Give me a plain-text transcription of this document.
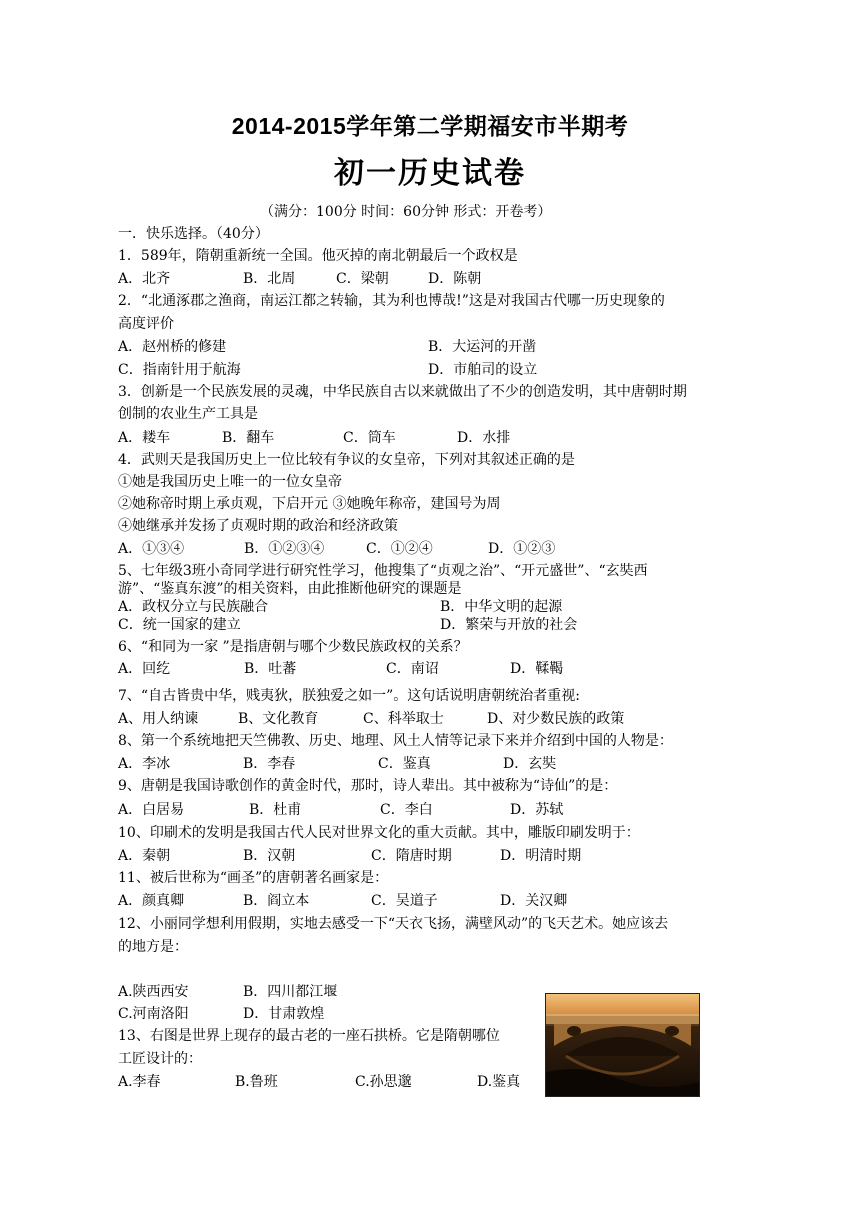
2014-2015学年第二学期福安市半期考
初一历史试卷
（满分：100分 时间：60分钟 形式：开卷考）
一．快乐选择。（40分）
1．589年，隋朝重新统一全国。他灭掉的南北朝最后一个政权是
A．北齐	B．北周	C．梁朝	D．陈朝
2．“北通涿郡之渔商，南运江都之转输，其为利也博哉!”这是对我国古代哪一历史现象的
高度评价
A．赵州桥的修建	B．大运河的开凿
C．指南针用于航海	D．市舶司的设立
3．创新是一个民族发展的灵魂，中华民族自古以来就做出了不少的创造发明，其中唐朝时期
创制的农业生产工具是
A．耧车	B．翻车	C．筒车	D．水排
4．武则天是我国历史上一位比较有争议的女皇帝，下列对其叙述正确的是
①她是我国历史上唯一的一位女皇帝
②她称帝时期上承贞观，下启开元 ③她晚年称帝，建国号为周
④她继承并发扬了贞观时期的政治和经济政策
A．①③④	B．①②③④	C．①②④	D．①②③
5、七年级3班小奇同学进行研究性学习，他搜集了“贞观之治”、“开元盛世”、“玄奘西
游”、“鉴真东渡”的相关资料，由此推断他研究的课题是
A．政权分立与民族融合	B．中华文明的起源
C．统一国家的建立	D．繁荣与开放的社会
6、“和同为一家 ”是指唐朝与哪个少数民族政权的关系？
A．回纥	B．吐蕃	C．南诏	D．鞣鞨
7、“自古皆贵中华，贱夷狄，朕独爱之如一”。这句话说明唐朝统治者重视:
A、用人纳谏	B、文化教育	C、科举取士	D、对少数民族的政策
8、第一个系统地把天竺佛教、历史、地理、风土人情等记录下来并介绍到中国的人物是：
A．李冰	B．李春	C．鉴真	D．玄奘
9、唐朝是我国诗歌创作的黄金时代，那时，诗人辈出。其中被称为“诗仙”的是：
A．白居易	B．杜甫	C．李白	D．苏轼
10、印刷术的发明是我国古代人民对世界文化的重大贡献。其中，雕版印刷发明于：
A．秦朝	B．汉朝	C．隋唐时期	D．明清时期
11、被后世称为“画圣”的唐朝著名画家是：
A．颜真卿	B．阎立本	C．吴道子	D．关汉卿
12、小丽同学想利用假期，实地去感受一下“天衣飞扬，满壁风动”的飞天艺术。她应该去
的地方是：
A.陕西西安	B．四川都江堰
C.河南洛阳	D．甘肃敦煌
13、右图是世界上现存的最古老的一座石拱桥。它是隋朝哪位
工匠设计的：
A.李春	B.鲁班	C.孙思邈	D.鉴真
